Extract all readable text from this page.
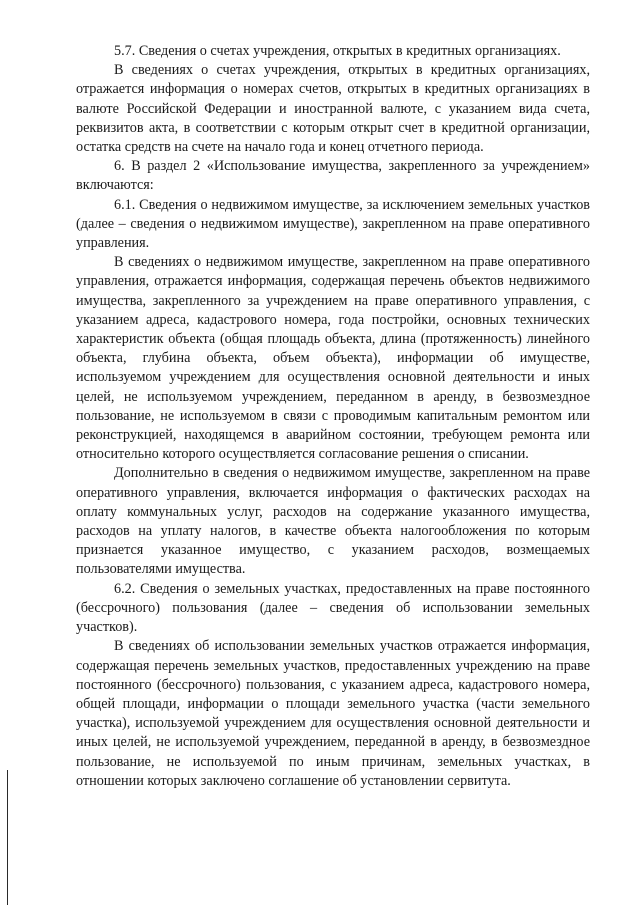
5.7. Сведения о счетах учреждения, открытых в кредитных организациях.

В сведениях о счетах учреждения, открытых в кредитных организациях, отражается информация о номерах счетов, открытых в кредитных организациях в валюте Российской Федерации и иностранной валюте, с указанием вида счета, реквизитов акта, в соответствии с которым открыт счет в кредитной организации, остатка средств на счете на начало года и конец отчетного периода.

6. В раздел 2 «Использование имущества, закрепленного за учреждением» включаются:

6.1. Сведения о недвижимом имуществе, за исключением земельных участков (далее – сведения о недвижимом имуществе), закрепленном на праве оперативного управления.

В сведениях о недвижимом имуществе, закрепленном на праве оперативного управления, отражается информация, содержащая перечень объектов недвижимого имущества, закрепленного за учреждением на праве оперативного управления, с указанием адреса, кадастрового номера, года постройки, основных технических характеристик объекта (общая площадь объекта, длина (протяженность) линейного объекта, глубина объекта, объем объекта), информации об имуществе, используемом учреждением для осуществления основной деятельности и иных целей, не используемом учреждением, переданном в аренду, в безвозмездное пользование, не используемом в связи с проводимым капитальным ремонтом или реконструкцией, находящемся в аварийном состоянии, требующем ремонта или относительно которого осуществляется согласование решения о списании.

Дополнительно в сведения о недвижимом имуществе, закрепленном на праве оперативного управления, включается информация о фактических расходах на оплату коммунальных услуг, расходов на содержание указанного имущества, расходов на уплату налогов, в качестве объекта налогообложения по которым признается указанное имущество, с указанием расходов, возмещаемых пользователями имущества.

6.2. Сведения о земельных участках, предоставленных на праве постоянного (бессрочного) пользования (далее – сведения об использовании земельных участков).

В сведениях об использовании земельных участков отражается информация, содержащая перечень земельных участков, предоставленных учреждению на праве постоянного (бессрочного) пользования, с указанием адреса, кадастрового номера, общей площади, информации о площади земельного участка (части земельного участка), используемой учреждением для осуществления основной деятельности и иных целей, не используемой учреждением, переданной в аренду, в безвозмездное пользование, не используемой по иным причинам, земельных участках, в отношении которых заключено соглашение об установлении сервитута.
